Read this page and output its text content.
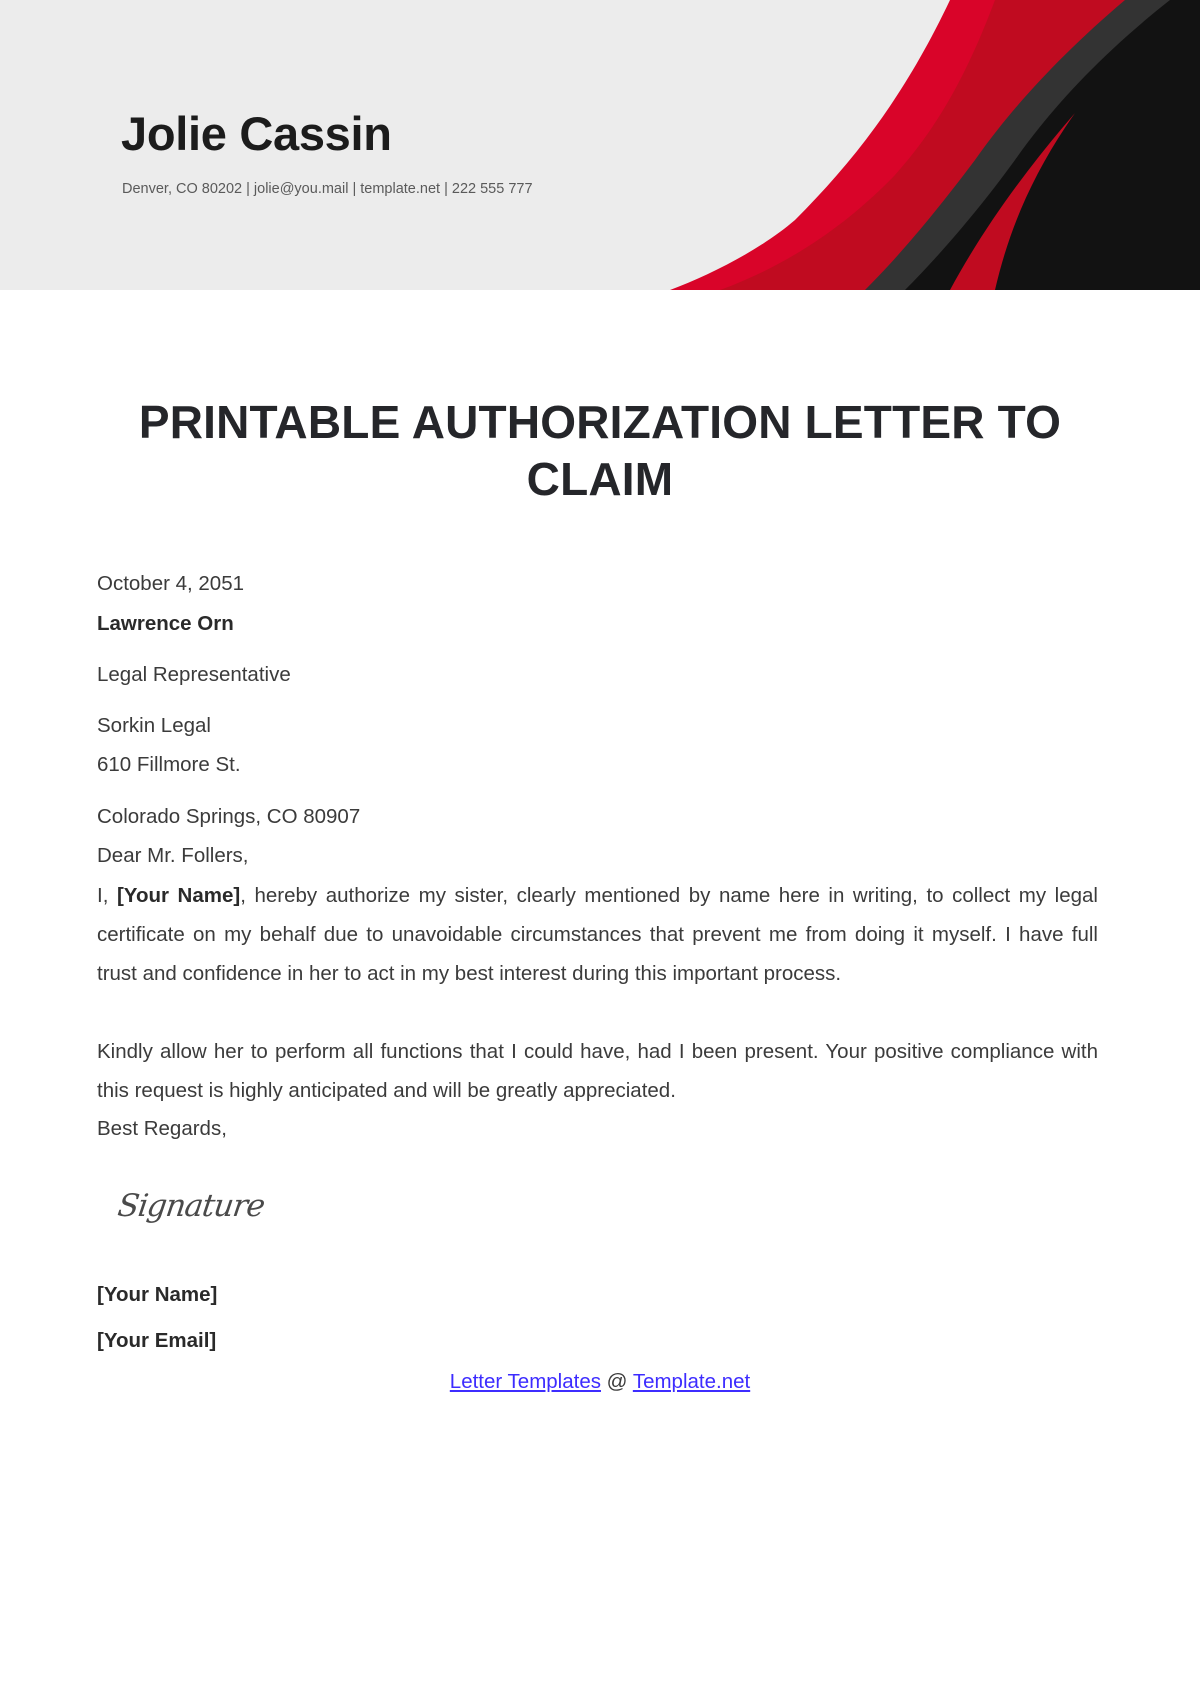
Jolie Cassin
Denver, CO 80202 | jolie@you.mail | template.net | 222 555 777
PRINTABLE AUTHORIZATION LETTER TO
CLAIM
October 4, 2051
Lawrence Orn
Legal Representative
Sorkin Legal
610 Fillmore St.
Colorado Springs, CO 80907
Dear Mr. Follers,
I, [Your Name], hereby authorize my sister, clearly mentioned by name here in writing, to collect my legal certificate on my behalf due to unavoidable circumstances that prevent me from doing it myself. I have full trust and confidence in her to act in my best interest during this important process.
Kindly allow her to perform all functions that I could have, had I been present. Your positive compliance with this request is highly anticipated and will be greatly appreciated.
Best Regards,
Signature
[Your Name]
[Your Email]
Letter Templates @ Template.net
